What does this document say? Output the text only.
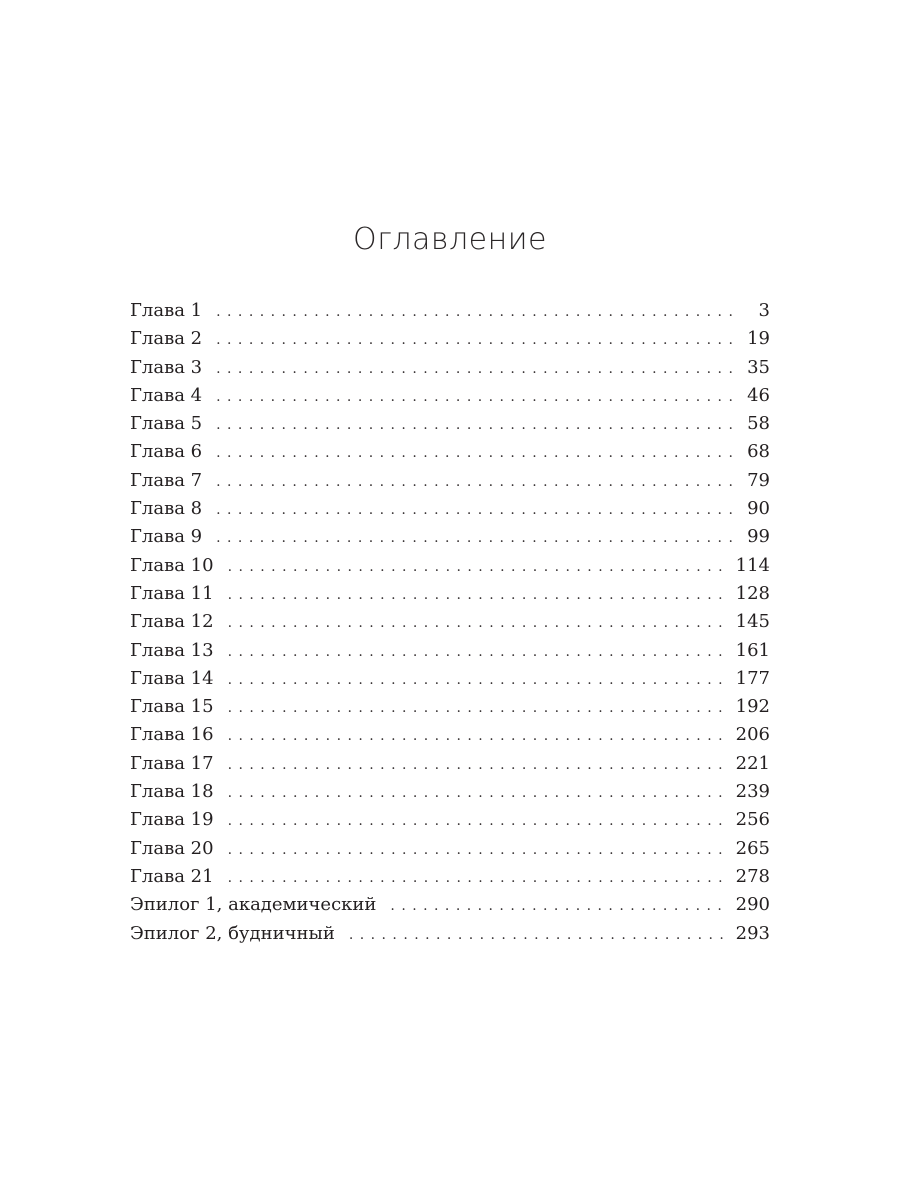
Оглавление
Глава 1 . . .	3
Глава 2 . . .	19
Глава 3 . . .	35
Глава 4 . . .	46
Глава 5 . . .	58
Глава 6 . . .	68
Глава 7 . . .	79
Глава 8 . . .	90
Глава 9 . . .	99
Глава 10 . . .	114
Глава 11 . . .	128
Глава 12 . . .	145
Глава 13 . . .	161
Глава 14 . . .	177
Глава 15 . . .	192
Глава 16 . . .	206
Глава 17 . . .	221
Глава 18 . . .	239
Глава 19 . . .	256
Глава 20 . . .	265
Глава 21 . . .	278
Эпилог 1, академический . . .	290
Эпилог 2, будничный . . .	293
